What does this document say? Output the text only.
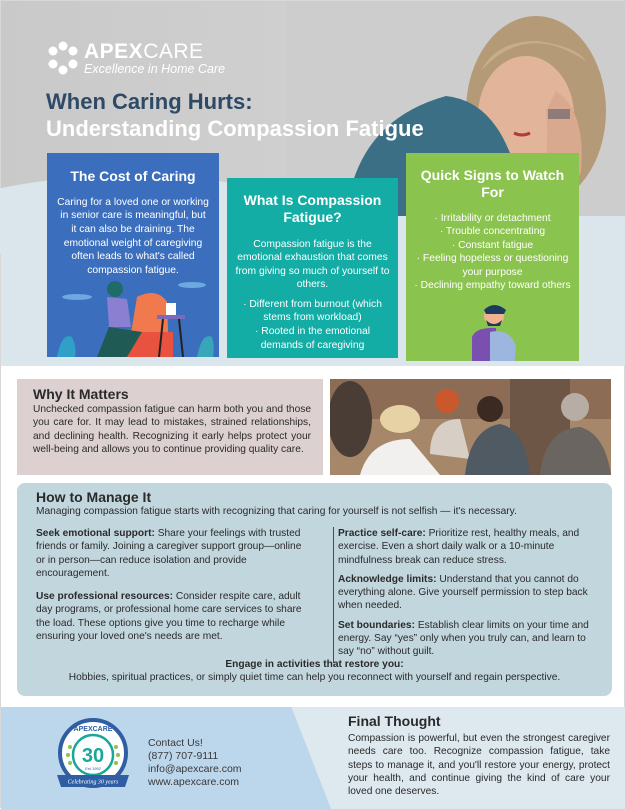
APEXCARE
Excellence in Home Care
When Caring Hurts:
Understanding Compassion Fatigue
The Cost of Caring

Caring for a loved one or working in senior care is meaningful, but it can also be draining. The emotional weight of caregiving often leads to what's called compassion fatigue.

What Is Compassion Fatigue?

Compassion fatigue is the emotional exhaustion that comes from giving so much of yourself to others.

· Different from burnout (which stems from workload)

· Rooted in the emotional demands of caregiving

Quick Signs to Watch For

· Irritability or detachment

· Trouble concentrating

· Constant fatigue

· Feeling hopeless or questioning your purpose

· Declining empathy toward others

Why It Matters

Unchecked compassion fatigue can harm both you and those you care for. It may lead to mistakes, strained relationships, and declining health. Recognizing it early helps protect your well-being and allows you to continue providing quality care.

How to Manage It

Managing compassion fatigue starts with recognizing that caring for yourself is not selfish — it's necessary.

Seek emotional support: Share your feelings with trusted friends or family. Joining a caregiver support group—online or in person—can reduce isolation and provide encouragement.

Use professional resources: Consider respite care, adult day programs, or professional home care services to share the load. These options give you time to recharge while ensuring your loved one's needs are met.

Practice self-care: Prioritize rest, healthy meals, and exercise. Even a short daily walk or a 10-minute mindfulness break can reduce stress.

Acknowledge limits: Understand that you cannot do everything alone. Give yourself permission to step back when needed.

Set boundaries: Establish clear limits on your time and energy. Say “yes” only when you truly can, and learn to say “no” without guilt.

Engage in activities that restore you:
Hobbies, spiritual practices, or simply quiet time can help you reconnect with yourself and regain perspective.
30
Est 1992
APEXCARE
Celebrating 30 years
Contact Us!
(877) 707-9111
info@apexcare.com
www.apexcare.com
Final Thought

Compassion is powerful, but even the strongest caregiver needs care too. Recognize compassion fatigue, take steps to manage it, and you'll restore your energy, protect your health, and continue giving the kind of care your loved one deserves.
